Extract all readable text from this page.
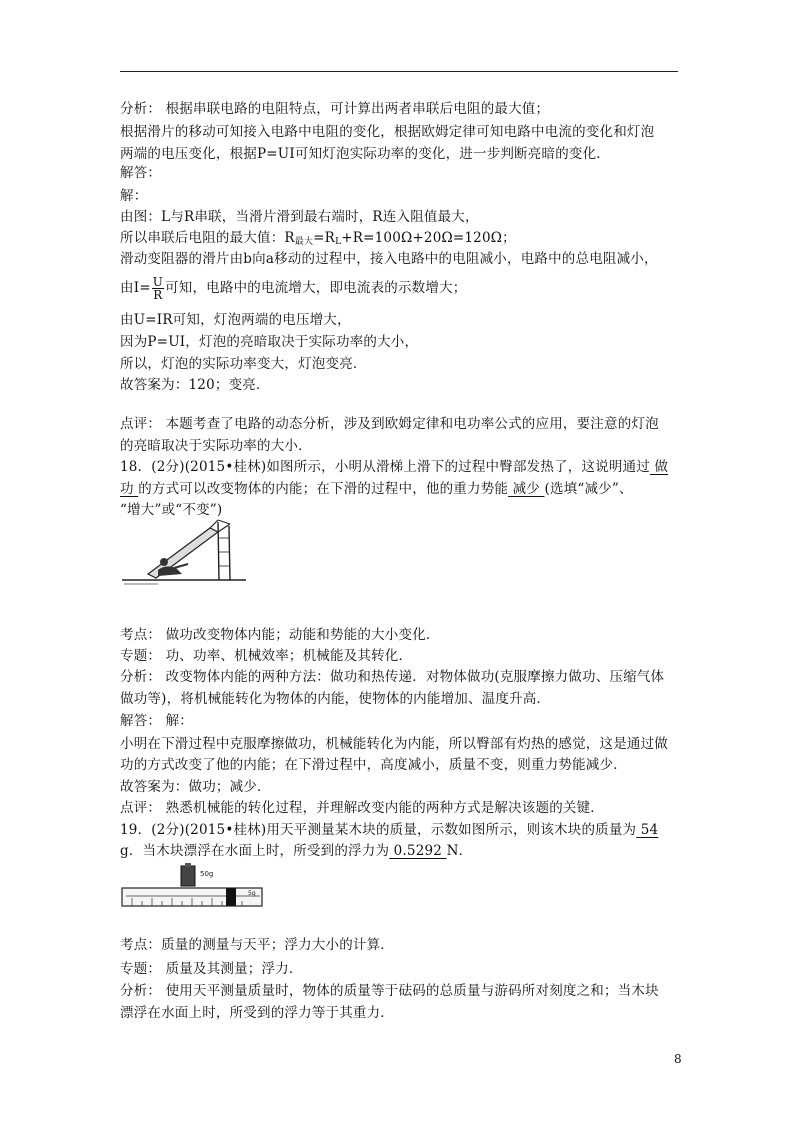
分析： 根据串联电路的电阻特点，可计算出两者串联后电阻的最大值；
根据滑片的移动可知接入电路中电阻的变化，根据欧姆定律可知电路中电流的变化和灯泡
两端的电压变化，根据P=UI可知灯泡实际功率的变化，进一步判断亮暗的变化．
解答：
解：
由图：L与R串联，当滑片滑到最右端时，R连入阻值最大，
所以串联后电阻的最大值：$R_{最大}=R_L+R=100\Omega+20\Omega=120\Omega$；
滑动变阻器的滑片由b向a移动的过程中，接入电路中的电阻减小，电路中的总电阻减小，
由$I= \frac{U}{R}$ 可知，电路中的电流增大，即电流表的示数增大；
由U=IR可知，灯泡两端的电压增大，
因为P=UI，灯泡的亮暗取决于实际功率的大小，
所以，灯泡的实际功率变大，灯泡变亮．
故答案为：120；变亮．
点评： 本题考查了电路的动态分析，涉及到欧姆定律和电功率公式的应用，要注意的灯泡
的亮暗取决于实际功率的大小．
18．(2分)(2015•桂林)如图所示，小明从滑梯上滑下的过程中臀部发热了，这说明通过 做
功 的方式可以改变物体的内能；在下滑的过程中，他的重力势能 减少 (选填“减少”、
“增大”或“不变”)
考点： 做功改变物体内能；动能和势能的大小变化．
专题： 功、功率、机械效率；机械能及其转化．
分析： 改变物体内能的两种方法：做功和热传递．对物体做功(克服摩擦力做功、压缩气体
做功等)，将机械能转化为物体的内能，使物体的内能增加、温度升高．
解答： 解：
小明在下滑过程中克服摩擦做功，机械能转化为内能，所以臀部有灼热的感觉，这是通过做
功的方式改变了他的内能；在下滑过程中，高度减小，质量不变，则重力势能减少．
故答案为：做功；减少．
点评： 熟悉机械能的转化过程，并理解改变内能的两种方式是解决该题的关键．
19．(2分)(2015•桂林)用天平测量某木块的质量，示数如图所示，则该木块的质量为 54
g．当木块漂浮在水面上时，所受到的浮力为 0.5292 N．
50g
5g
考点：质量的测量与天平；浮力大小的计算．
专题： 质量及其测量；浮力．
分析： 使用天平测量质量时，物体的质量等于砝码的总质量与游码所对刻度之和；当木块
漂浮在水面上时，所受到的浮力等于其重力．
8
